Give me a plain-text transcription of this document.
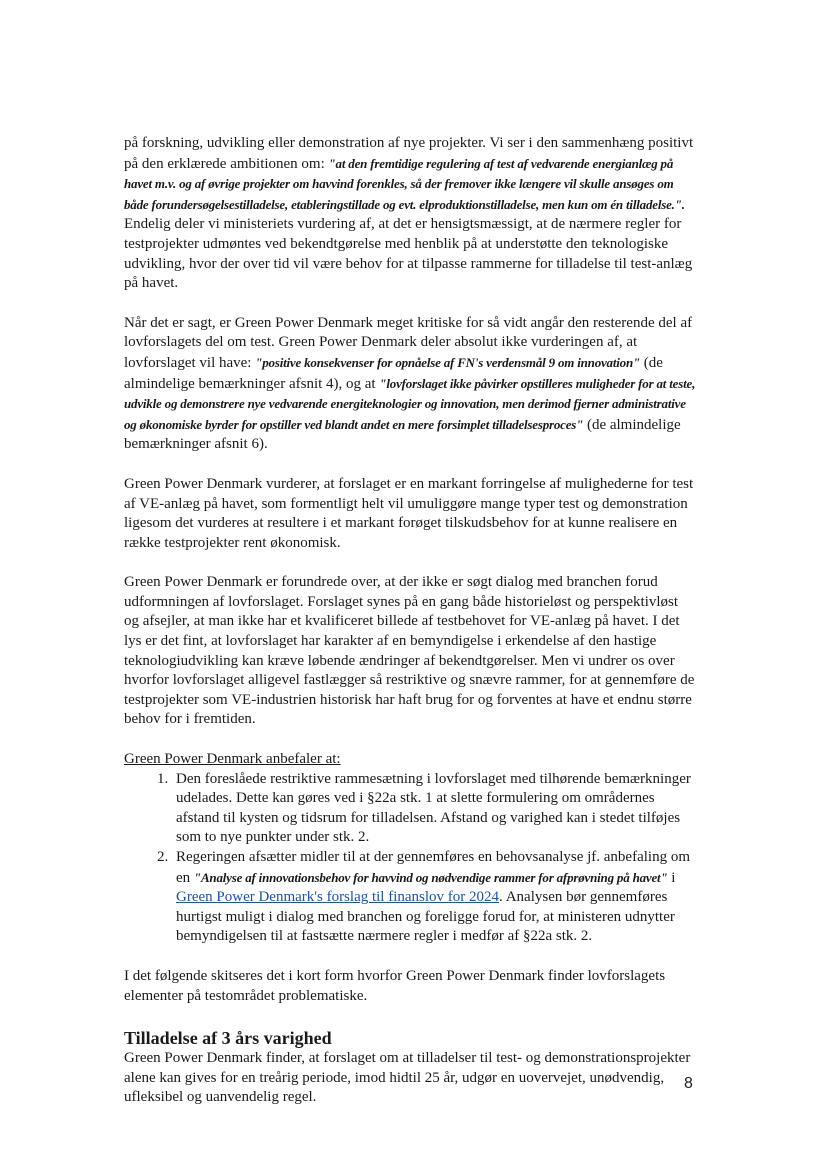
på forskning, udvikling eller demonstration af nye projekter. Vi ser i den sammenhæng positivt på den erklærede ambitionen om: "at den fremtidige regulering af test af vedvarende energianlæg på havet m.v. og af øvrige projekter om havvind forenkles, så der fremover ikke længere vil skulle ansøges om både forundersøgelsestilladelse, etableringstillade og evt. elproduktionstilladelse, men kun om én tilladelse.". Endelig deler vi ministeriets vurdering af, at det er hensigtsmæssigt, at de nærmere regler for testprojekter udmøntes ved bekendtgørelse med henblik på at understøtte den teknologiske udvikling, hvor der over tid vil være behov for at tilpasse rammerne for tilladelse til test-anlæg på havet.

Når det er sagt, er Green Power Denmark meget kritiske for så vidt angår den resterende del af lovforslagets del om test. Green Power Denmark deler absolut ikke vurderingen af, at lovforslaget vil have: "positive konsekvenser for opnåelse af FN's verdensmål 9 om innovation" (de almindelige bemærkninger afsnit 4), og at "lovforslaget ikke påvirker opstilleres muligheder for at teste, udvikle og demonstrere nye vedvarende energiteknologier og innovation, men derimod fjerner administrative og økonomiske byrder for opstiller ved blandt andet en mere forsimplet tilladelsesproces" (de almindelige bemærkninger afsnit 6).

Green Power Denmark vurderer, at forslaget er en markant forringelse af mulighederne for test af VE-anlæg på havet, som formentligt helt vil umuliggøre mange typer test og demonstration ligesom det vurderes at resultere i et markant forøget tilskudsbehov for at kunne realisere en række testprojekter rent økonomisk.

Green Power Denmark er forundrede over, at der ikke er søgt dialog med branchen forud udformningen af lovforslaget. Forslaget synes på en gang både historieløst og perspektivløst og afsejler, at man ikke har et kvalificeret billede af testbehovet for VE-anlæg på havet. I det lys er det fint, at lovforslaget har karakter af en bemyndigelse i erkendelse af den hastige teknologiudvikling kan kræve løbende ændringer af bekendtgørelser. Men vi undrer os over hvorfor lovforslaget alligevel fastlægger så restriktive og snævre rammer, for at gennemføre de testprojekter som VE-industrien historisk har haft brug for og forventes at have et endnu større behov for i fremtiden.

Green Power Denmark anbefaler at:

1. Den foreslåede restriktive rammesætning i lovforslaget med tilhørende bemærkninger udelades. Dette kan gøres ved i §22a stk. 1 at slette formulering om områdernes afstand til kysten og tidsrum for tilladelsen. Afstand og varighed kan i stedet tilføjes som to nye punkter under stk. 2.
2. Regeringen afsætter midler til at der gennemføres en behovsanalyse jf. anbefaling om en "Analyse af innovationsbehov for havvind og nødvendige rammer for afprøvning på havet" i Green Power Denmark's forslag til finanslov for 2024. Analysen bør gennemføres hurtigst muligt i dialog med branchen og foreligge forud for, at ministeren udnytter bemyndigelsen til at fastsætte nærmere regler i medfør af §22a stk. 2.

I det følgende skitseres det i kort form hvorfor Green Power Denmark finder lovforslagets elementer på testområdet problematiske.

Tilladelse af 3 års varighed

Green Power Denmark finder, at forslaget om at tilladelser til test- og demonstrationsprojekter alene kan gives for en treårig periode, imod hidtil 25 år, udgør en uovervejet, unødvendig, ufleksibel og uanvendelig regel.

8
